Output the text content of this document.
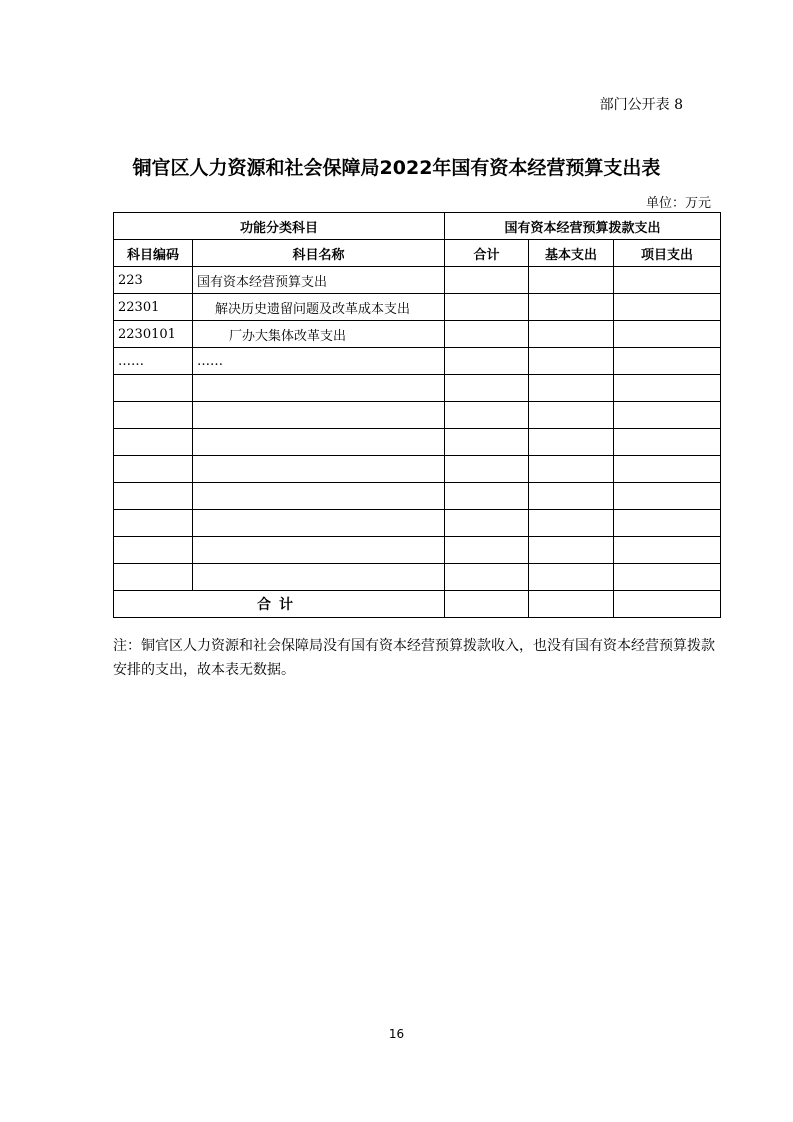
部门公开表 8
铜官区人力资源和社会保障局2022年国有资本经营预算支出表
单位：万元
功能分类科目		国有资本经营预算拨款支出		
科目编码	科目名称	合计	基本支出	项目支出
223	国有资本经营预算支出			
22301	解决历史遗留问题及改革成本支出			
2230101	厂办大集体改革支出			
……	……			

合计				
注：铜官区人力资源和社会保障局没有国有资本经营预算拨款收入，也没有国有资本经营预算拨款安排的支出，故本表无数据。
16
